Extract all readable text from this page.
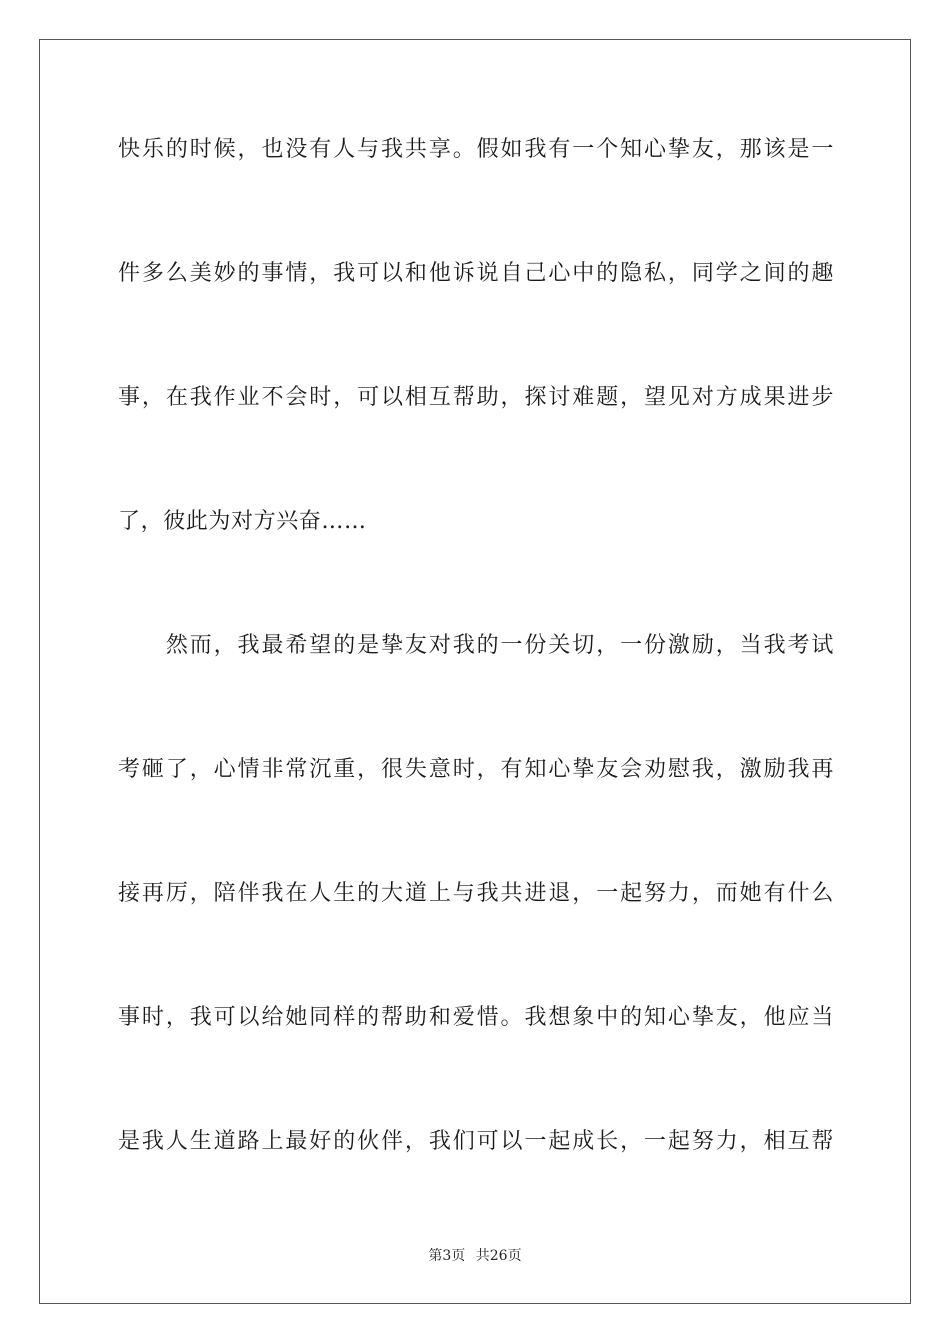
快乐的时候，也没有人与我共享。假如我有一个知心挚友，那该是一
件多么美妙的事情，我可以和他诉说自己心中的隐私，同学之间的趣
事，在我作业不会时，可以相互帮助，探讨难题，望见对方成果进步
了，彼此为对方兴奋……
　　然而，我最希望的是挚友对我的一份关切，一份激励，当我考试
考砸了，心情非常沉重，很失意时，有知心挚友会劝慰我，激励我再
接再厉，陪伴我在人生的大道上与我共进退，一起努力，而她有什么
事时，我可以给她同样的帮助和爱惜。我想象中的知心挚友，他应当
是我人生道路上最好的伙伴，我们可以一起成长，一起努力，相互帮
第3页 共26页
